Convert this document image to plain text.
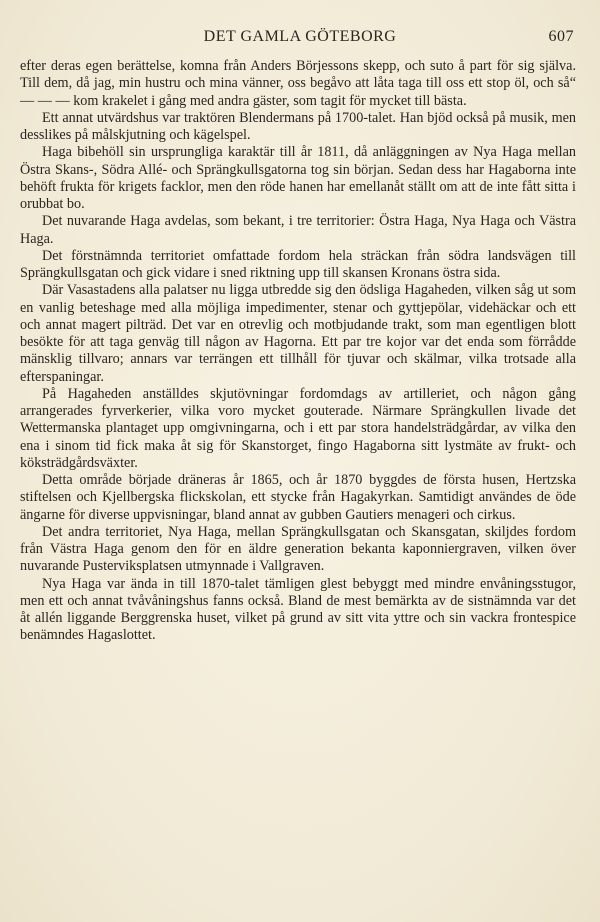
DET GAMLA GÖTEBORG	607

efter deras egen berättelse, komna från Anders Börjessons skepp, och suto å part för sig själva. Till dem, då jag, min hustru och mina vänner, oss begåvo att låta taga till oss ett stop öl, och så“ — — — kom krakelet i gång med andra gäster, som tagit för mycket till bästa.

Ett annat utvärdshus var traktören Blendermans på 1700-talet. Han bjöd också på musik, men desslikes på målskjutning och kägelspel.

Haga bibehöll sin ursprungliga karaktär till år 1811, då anläggningen av Nya Haga mellan Östra Skans-, Södra Allé- och Sprängkullsgatorna tog sin början. Sedan dess har Hagaborna inte behöft frukta för krigets facklor, men den röde hanen har emellanåt ställt om att de inte fått sitta i orubbat bo.

Det nuvarande Haga avdelas, som bekant, i tre territorier: Östra Haga, Nya Haga och Västra Haga.

Det förstnämnda territoriet omfattade fordom hela sträckan från södra landsvägen till Sprängkullsgatan och gick vidare i sned riktning upp till skansen Kronans östra sida.

Där Vasastadens alla palatser nu ligga utbredde sig den ödsliga Hagaheden, vilken såg ut som en vanlig beteshage med alla möjliga impedimenter, stenar och gyttjepölar, videhäckar och ett och annat magert pilträd. Det var en otrevlig och motbjudande trakt, som man egentligen blott besökte för att taga genväg till någon av Hagorna. Ett par tre kojor var det enda som förrådde mänsklig tillvaro; annars var terrängen ett tillhåll för tjuvar och skälmar, vilka trotsade alla efterspaningar.

På Hagaheden anställdes skjutövningar fordomdags av artilleriet, och någon gång arrangerades fyrverkerier, vilka voro mycket gouterade. Närmare Sprängkullen livade det Wettermanska plantaget upp omgivningarna, och i ett par stora handelsträdgårdar, av vilka den ena i sinom tid fick maka åt sig för Skanstorget, fingo Hagaborna sitt lystmäte av frukt- och köksträdgårdsväxter.

Detta område började dräneras år 1865, och år 1870 byggdes de första husen, Hertzska stiftelsen och Kjellbergska flickskolan, ett stycke från Hagakyrkan. Samtidigt användes de öde ängarne för diverse uppvisningar, bland annat av gubben Gautiers menageri och cirkus.

Det andra territoriet, Nya Haga, mellan Sprängkullsgatan och Skansgatan, skiljdes fordom från Västra Haga genom den för en äldre generation bekanta kaponniergraven, vilken över nuvarande Pusterviksplatsen utmynnade i Vallgraven.

Nya Haga var ända in till 1870-talet tämligen glest bebyggt med mindre envåningsstugor, men ett och annat tvåvåningshus fanns också. Bland de mest bemärkta av de sistnämnda var det åt allén liggande Berggrenska huset, vilket på grund av sitt vita yttre och sin vackra frontespice benämndes Hagaslottet.
